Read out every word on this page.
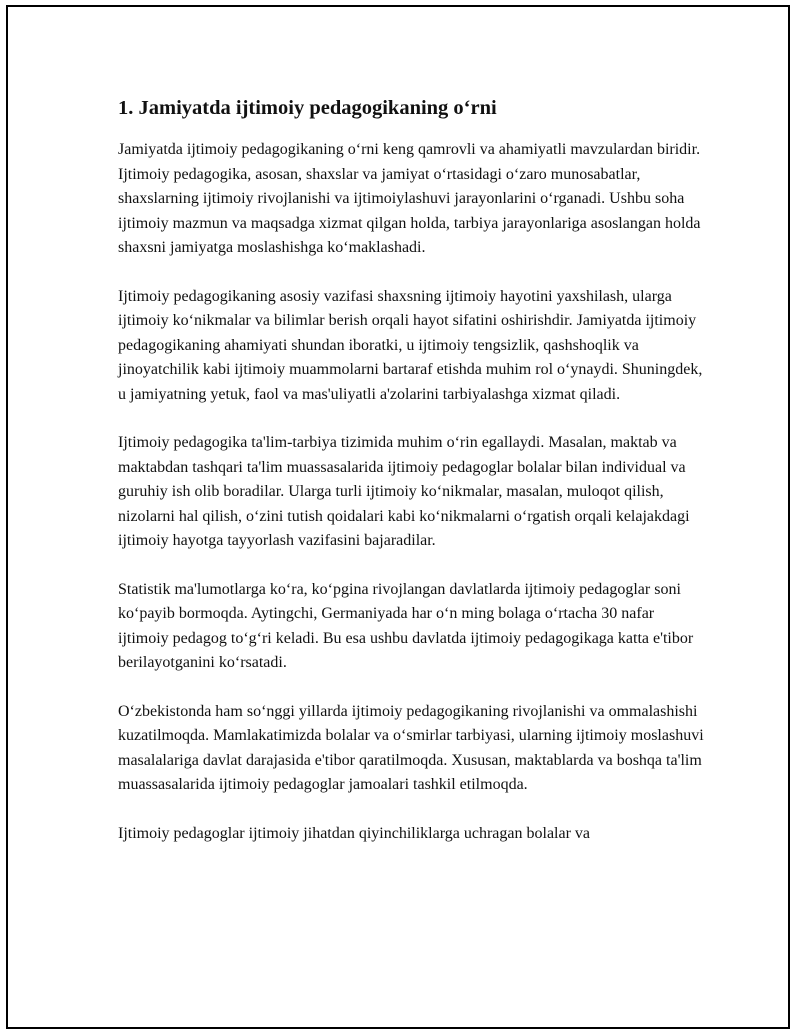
1. Jamiyatda ijtimoiy pedagogikaning oʻrni

Jamiyatda ijtimoiy pedagogikaning oʻrni keng qamrovli va ahamiyatli mavzulardan biridir. Ijtimoiy pedagogika, asosan, shaxslar va jamiyat oʻrtasidagi oʻzaro munosabatlar, shaxslarning ijtimoiy rivojlanishi va ijtimoiylashuvi jarayonlarini oʻrganadi. Ushbu soha ijtimoiy mazmun va maqsadga xizmat qilgan holda, tarbiya jarayonlariga asoslangan holda shaxsni jamiyatga moslashishga koʻmaklashadi.

Ijtimoiy pedagogikaning asosiy vazifasi shaxsning ijtimoiy hayotini yaxshilash, ularga ijtimoiy koʻnikmalar va bilimlar berish orqali hayot sifatini oshirishdir. Jamiyatda ijtimoiy pedagogikaning ahamiyati shundan iboratki, u ijtimoiy tengsizlik, qashshoqlik va jinoyatchilik kabi ijtimoiy muammolarni bartaraf etishda muhim rol oʻynaydi. Shuningdek, u jamiyatning yetuk, faol va mas'uliyatli a'zolarini tarbiyalashga xizmat qiladi.

Ijtimoiy pedagogika ta'lim-tarbiya tizimida muhim oʻrin egallaydi. Masalan, maktab va maktabdan tashqari ta'lim muassasalarida ijtimoiy pedagoglar bolalar bilan individual va guruhiy ish olib boradilar. Ularga turli ijtimoiy koʻnikmalar, masalan, muloqot qilish, nizolarni hal qilish, oʻzini tutish qoidalari kabi koʻnikmalarni oʻrgatish orqali kelajakdagi ijtimoiy hayotga tayyorlash vazifasini bajaradilar.

Statistik ma'lumotlarga koʻra, koʻpgina rivojlangan davlatlarda ijtimoiy pedagoglar soni koʻpayib bormoqda. Aytingchi, Germaniyada har oʻn ming bolaga oʻrtacha 30 nafar ijtimoiy pedagog toʻgʻri keladi. Bu esa ushbu davlatda ijtimoiy pedagogikaga katta e'tibor berilayotganini koʻrsatadi.

Oʻzbekistonda ham soʻnggi yillarda ijtimoiy pedagogikaning rivojlanishi va ommalashishi kuzatilmoqda. Mamlakatimizda bolalar va oʻsmirlar tarbiyasi, ularning ijtimoiy moslashuvi masalalariga davlat darajasida e'tibor qaratilmoqda. Xususan, maktablarda va boshqa ta'lim muassasalarida ijtimoiy pedagoglar jamoalari tashkil etilmoqda.

Ijtimoiy pedagoglar ijtimoiy jihatdan qiyinchiliklarga uchragan bolalar va
